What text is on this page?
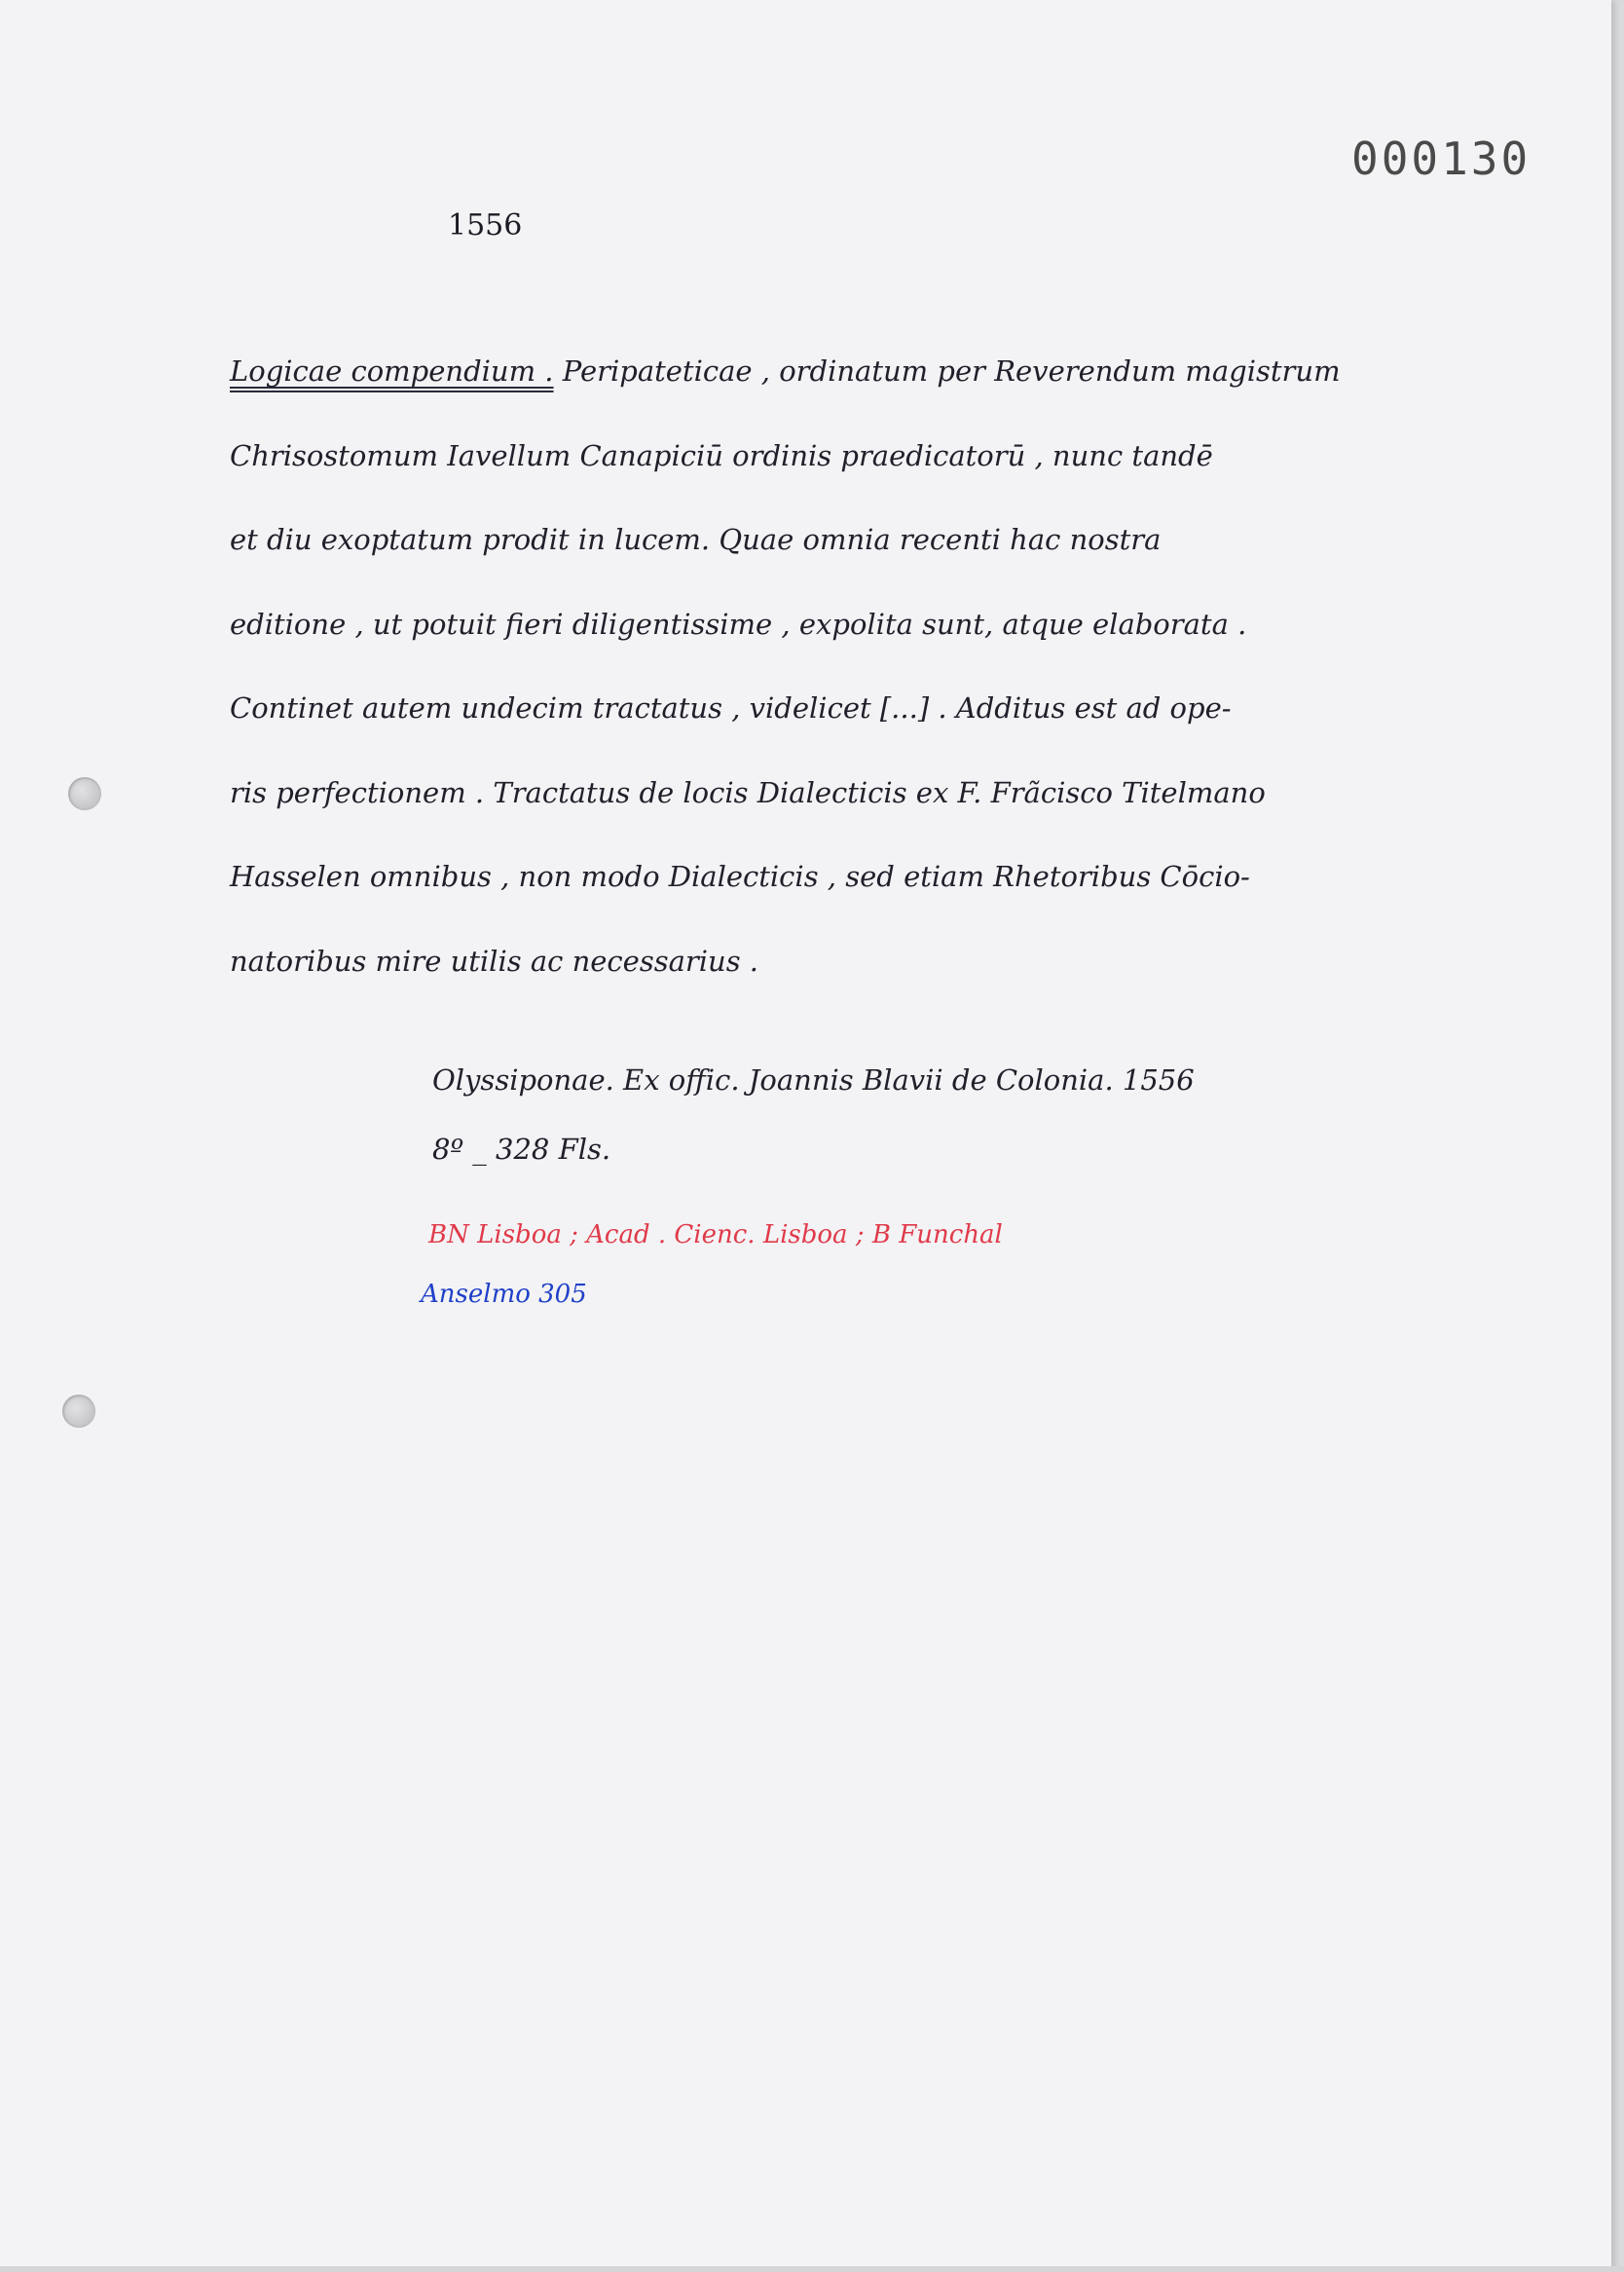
000130
1556
Logicae compendium . Peripateticae , ordinatum per Reverendum magistrum
Chrisostomum Iavellum Canapiciū ordinis praedicatorū , nunc tandē
et diu exoptatum prodit in lucem. Quae omnia recenti hac nostra
editione , ut potuit fieri diligentissime , expolita sunt, atque elaborata .
Continet autem undecim tractatus , videlicet [...] . Additus est ad ope-
ris perfectionem . Tractatus de locis Dialecticis ex F. Frãcisco Titelmano
Hasselen omnibus , non modo Dialecticis , sed etiam Rhetoribus Cōcio-
natoribus mire utilis ac necessarius .
Olyssiponae. Ex offic. Joannis Blavii de Colonia. 1556
8º _ 328 Fls.
BN Lisboa ; Acad . Cienc. Lisboa ; B Funchal
Anselmo 305
